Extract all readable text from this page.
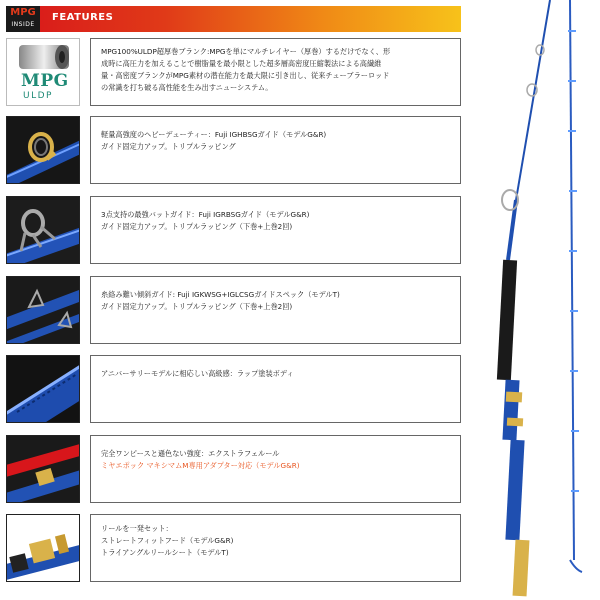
MPG
INSIDE
FEATURES
MPG
ULDP
MPG100%ULDP超厚巻ブランク:MPGを単にマルチレイヤー（厚巻）するだけでなく、形
成時に高圧力を加えることで樹脂量を最小限とした超多層高密度圧縮製法による高繊維
量・高密度ブランクがMPG素材の潜在能力を最大限に引き出し、従来チューブラーロッド
の常識を打ち破る高性能を生み出すニューシステム。
軽量高強度のヘビーデューティー：Fuji IGHBSGガイド（モデルG&R)
ガイド固定力アップ。トリプルラッピング
3点支持の最強バットガイド：Fuji IGRBSGガイド（モデルG&R)
ガイド固定力アップ。トリプルラッピング（下巻+上巻2回)
糸絡み難い傾斜ガイド: Fuji IGKWSG+IGLCSGガイドスペック（モデルT)
ガイド固定力アップ。トリプルラッピング（下巻+上巻2回)
アニバーサリーモデルに相応しい高級感：ラップ塗装ボディ
完全ワンピースと遜色ない強度：エクストラフェルール
ミヤエポック マキシマムM専用アダプター対応（モデルG&R)
リールを一発セット：
ストレートフィットフード（モデルG&R)
トライアングルリールシート（モデルT)
